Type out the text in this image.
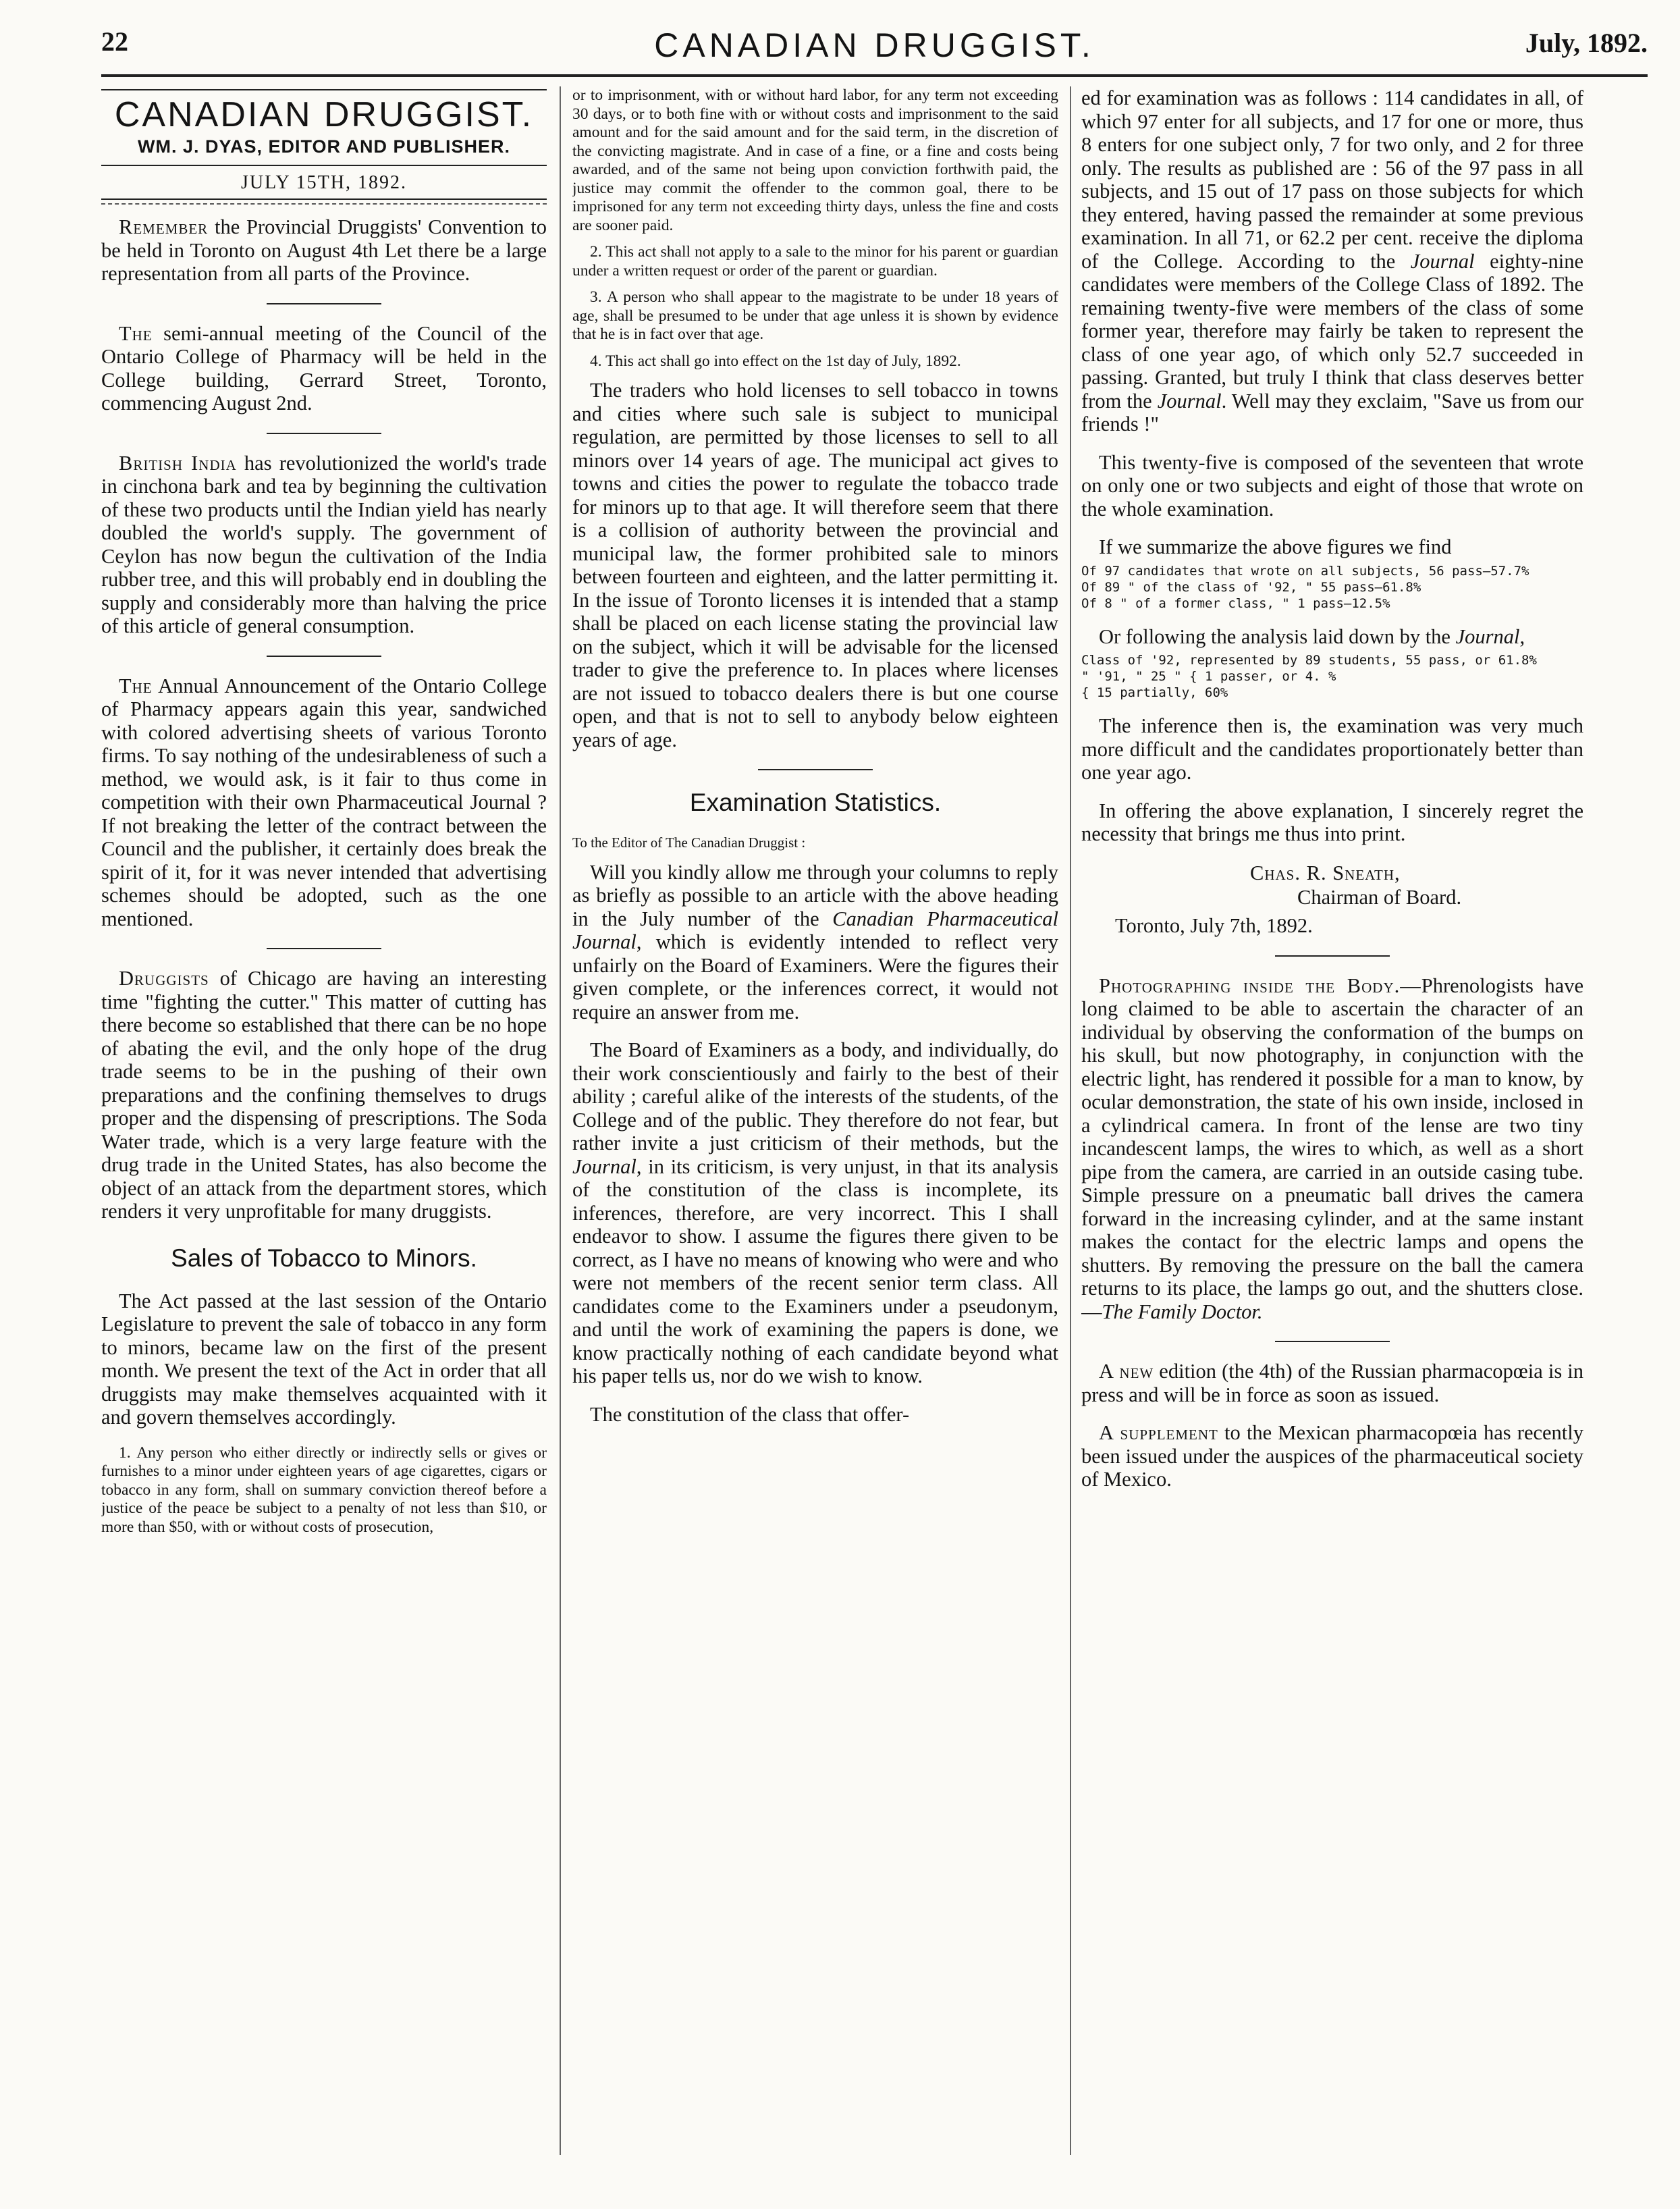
22	CANADIAN DRUGGIST.	July, 1892.
CANADIAN DRUGGIST.
WM. J. DYAS, EDITOR AND PUBLISHER.
JULY 15TH, 1892.

Remember the Provincial Druggists' Convention to be held in Toronto on August 4th Let there be a large representation from all parts of the Province.

The semi-annual meeting of the Council of the Ontario College of Pharmacy will be held in the College building, Gerrard Street, Toronto, commencing August 2nd.

British India has revolutionized the world's trade in cinchona bark and tea by beginning the cultivation of these two products until the Indian yield has nearly doubled the world's supply. The government of Ceylon has now begun the cultivation of the India rubber tree, and this will probably end in doubling the supply and considerably more than halving the price of this article of general consumption.

The Annual Announcement of the Ontario College of Pharmacy appears again this year, sandwiched with colored advertising sheets of various Toronto firms. To say nothing of the undesirableness of such a method, we would ask, is it fair to thus come in competition with their own Pharmaceutical Journal ? If not breaking the letter of the contract between the Council and the publisher, it certainly does break the spirit of it, for it was never intended that advertising schemes should be adopted, such as the one mentioned.

Druggists of Chicago are having an interesting time "fighting the cutter." This matter of cutting has there become so established that there can be no hope of abating the evil, and the only hope of the drug trade seems to be in the pushing of their own preparations and the confining themselves to drugs proper and the dispensing of prescriptions. The Soda Water trade, which is a very large feature with the drug trade in the United States, has also become the object of an attack from the department stores, which renders it very unprofitable for many druggists.

Sales of Tobacco to Minors.

The Act passed at the last session of the Ontario Legislature to prevent the sale of tobacco in any form to minors, became law on the first of the present month. We present the text of the Act in order that all druggists may make themselves acquainted with it and govern themselves accordingly.

1. Any person who either directly or indirectly sells or gives or furnishes to a minor under eighteen years of age cigarettes, cigars or tobacco in any form, shall on summary conviction thereof before a justice of the peace be subject to a penalty of not less than $10, or more than $50, with or without costs of prosecution,

or to imprisonment, with or without hard labor, for any term not exceeding 30 days, or to both fine with or without costs and imprisonment to the said amount and for the said amount and for the said term, in the discretion of the convicting magistrate. And in case of a fine, or a fine and costs being awarded, and of the same not being upon conviction forthwith paid, the justice may commit the offender to the common goal, there to be imprisoned for any term not exceeding thirty days, unless the fine and costs are sooner paid.

2. This act shall not apply to a sale to the minor for his parent or guardian under a written request or order of the parent or guardian.

3. A person who shall appear to the magistrate to be under 18 years of age, shall be presumed to be under that age unless it is shown by evidence that he is in fact over that age.

4. This act shall go into effect on the 1st day of July, 1892.

The traders who hold licenses to sell tobacco in towns and cities where such sale is subject to municipal regulation, are permitted by those licenses to sell to all minors over 14 years of age. The municipal act gives to towns and cities the power to regulate the tobacco trade for minors up to that age. It will therefore seem that there is a collision of authority between the provincial and municipal law, the former prohibited sale to minors between fourteen and eighteen, and the latter permitting it. In the issue of Toronto licenses it is intended that a stamp shall be placed on each license stating the provincial law on the subject, which it will be advisable for the licensed trader to give the preference to. In places where licenses are not issued to tobacco dealers there is but one course open, and that is not to sell to anybody below eighteen years of age.

Examination Statistics.

To the Editor of The Canadian Druggist :

Will you kindly allow me through your columns to reply as briefly as possible to an article with the above heading in the July number of the Canadian Pharmaceutical Journal, which is evidently intended to reflect very unfairly on the Board of Examiners. Were the figures their given complete, or the inferences correct, it would not require an answer from me.

The Board of Examiners as a body, and individually, do their work conscientiously and fairly to the best of their ability ; careful alike of the interests of the students, of the College and of the public. They therefore do not fear, but rather invite a just criticism of their methods, but the Journal, in its criticism, is very unjust, in that its analysis of the constitution of the class is incomplete, its inferences, therefore, are very incorrect. This I shall endeavor to show. I assume the figures there given to be correct, as I have no means of knowing who were and who were not members of the recent senior term class. All candidates come to the Examiners under a pseudonym, and until the work of examining the papers is done, we know practically nothing of each candidate beyond what his paper tells us, nor do we wish to know.

The constitution of the class that offer-

ed for examination was as follows : 114 candidates in all, of which 97 enter for all subjects, and 17 for one or more, thus 8 enters for one subject only, 7 for two only, and 2 for three only. The results as published are : 56 of the 97 pass in all subjects, and 15 out of 17 pass on those subjects for which they entered, having passed the remainder at some previous examination. In all 71, or 62.2 per cent. receive the diploma of the College. According to the Journal eighty-nine candidates were members of the College Class of 1892. The remaining twenty-five were members of the class of some former year, therefore may fairly be taken to represent the class of one year ago, of which only 52.7 succeeded in passing. Granted, but truly I think that class deserves better from the Journal. Well may they exclaim, "Save us from our friends !"

This twenty-five is composed of the seventeen that wrote on only one or two subjects and eight of those that wrote on the whole examination.

If we summarize the above figures we find

Of 97 candidates that wrote on all subjects, 56 pass—57.7%
Of 89 " of the class of '92, " 55 pass—61.8%
Of 8 " of a former class, " 1 pass—12.5%

Or following the analysis laid down by the Journal,

Class of '92, represented by 89 students, 55 pass, or 61.8%
" '91, " 25 " { 1 passer, or 4. %
{ 15 partially, 60%

The inference then is, the examination was very much more difficult and the candidates proportionately better than one year ago.

In offering the above explanation, I sincerely regret the necessity that brings me thus into print.

Chas. R. Sneath,
Chairman of Board.
Toronto, July 7th, 1892.

Photographing inside the Body.—Phrenologists have long claimed to be able to ascertain the character of an individual by observing the conformation of the bumps on his skull, but now photography, in conjunction with the electric light, has rendered it possible for a man to know, by ocular demonstration, the state of his own inside, inclosed in a cylindrical camera. In front of the lense are two tiny incandescent lamps, the wires to which, as well as a short pipe from the camera, are carried in an outside casing tube. Simple pressure on a pneumatic ball drives the camera forward in the increasing cylinder, and at the same instant makes the contact for the electric lamps and opens the shutters. By removing the pressure on the ball the camera returns to its place, the lamps go out, and the shutters close.—The Family Doctor.

A new edition (the 4th) of the Russian pharmacopœia is in press and will be in force as soon as issued.

A supplement to the Mexican pharmacopœia has recently been issued under the auspices of the pharmaceutical society of Mexico.
